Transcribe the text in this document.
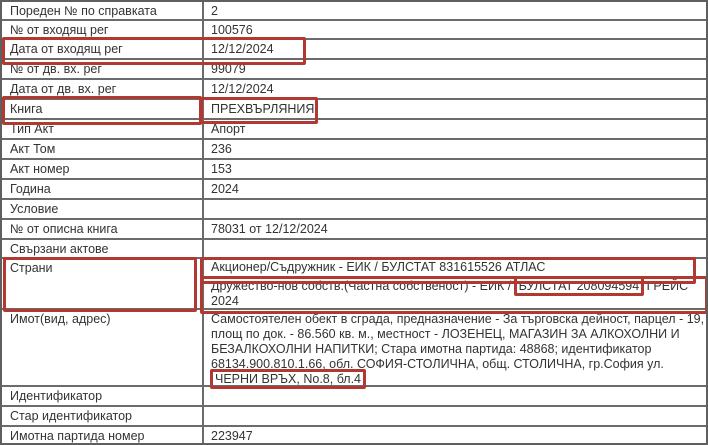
Пореден № по справката	2
№ от входящ рег	100576
Дата от входящ рег	12/12/2024
№ от дв. вх. рег	99079
Дата от дв. вх. рег	12/12/2024
Книга	ПРЕХВЪРЛЯНИЯ
Тип Акт	Апорт
Акт Том	236
Акт номер	153
Година	2024
Условие
№ от описна книга	78031 от 12/12/2024
Свързани актове
Страни	Акционер/Съдружник - ЕИК / БУЛСТАТ 831615526 АТЛАС
Дружество-нов собств.(Частна собственост) - ЕИК / БУЛСТАТ 208094594 ГРЕЙС 2024
Имот(вид, адрес)	Самостоятелен обект в сграда, предназначение - За търговска дейност, парцел - 19, площ по док. - 86.560 кв. м., местност - ЛОЗЕНЕЦ, МАГАЗИН ЗА АЛКОХОЛНИ И БЕЗАЛКОХОЛНИ НАПИТКИ; Стара имотна партида: 48868; идентификатор 68134.900.810.1.66, обл. СОФИЯ-СТОЛИЧНА, общ. СТОЛИЧНА, гр.София ул. ЧЕРНИ ВРЪХ, No.8, бл.4
Идентификатор
Стар идентификатор
Имотна партида номер	223947
